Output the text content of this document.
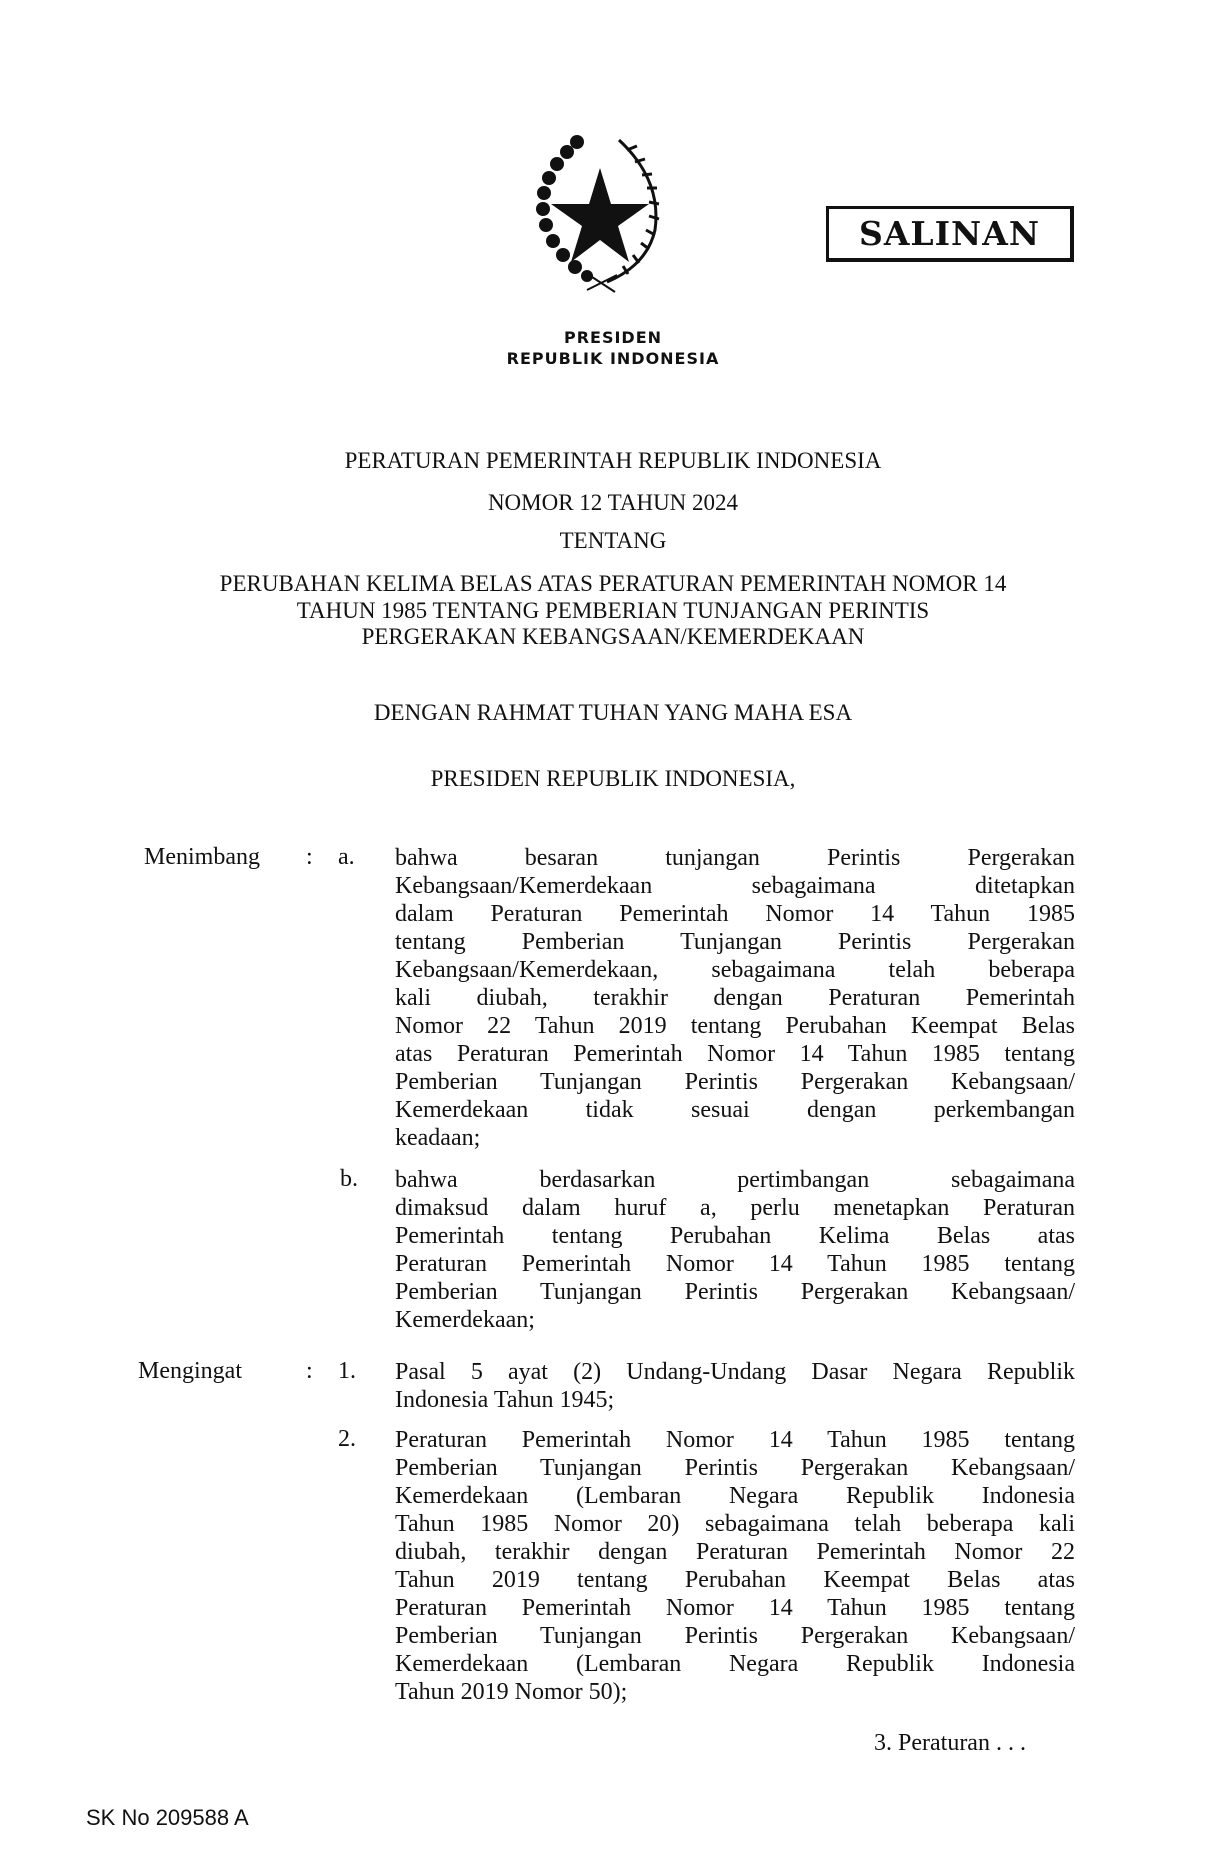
SALINAN
PRESIDEN
REPUBLIK INDONESIA
PERATURAN PEMERINTAH REPUBLIK INDONESIA
NOMOR 12 TAHUN 2024
TENTANG
PERUBAHAN KELIMA BELAS ATAS PERATURAN PEMERINTAH NOMOR 14
TAHUN 1985 TENTANG PEMBERIAN TUNJANGAN PERINTIS
PERGERAKAN KEBANGSAAN/KEMERDEKAAN
DENGAN RAHMAT TUHAN YANG MAHA ESA
PRESIDEN REPUBLIK INDONESIA,
Menimbang : a. bahwa besaran tunjangan Perintis Pergerakan
Kebangsaan/Kemerdekaan sebagaimana ditetapkan
dalam Peraturan Pemerintah Nomor 14 Tahun 1985
tentang Pemberian Tunjangan Perintis Pergerakan
Kebangsaan/Kemerdekaan, sebagaimana telah beberapa
kali diubah, terakhir dengan Peraturan Pemerintah
Nomor 22 Tahun 2019 tentang Perubahan Keempat Belas
atas Peraturan Pemerintah Nomor 14 Tahun 1985 tentang
Pemberian Tunjangan Perintis Pergerakan Kebangsaan/
Kemerdekaan tidak sesuai dengan perkembangan
keadaan;
b. bahwa berdasarkan pertimbangan sebagaimana
dimaksud dalam huruf a, perlu menetapkan Peraturan
Pemerintah tentang Perubahan Kelima Belas atas
Peraturan Pemerintah Nomor 14 Tahun 1985 tentang
Pemberian Tunjangan Perintis Pergerakan Kebangsaan/
Kemerdekaan;
Mengingat	: 1. Pasal 5 ayat (2) Undang-Undang Dasar Negara Republik
Indonesia Tahun 1945;
2. Peraturan Pemerintah Nomor 14 Tahun 1985 tentang
Pemberian Tunjangan Perintis Pergerakan Kebangsaan/
Kemerdekaan (Lembaran Negara Republik Indonesia
Tahun 1985 Nomor 20) sebagaimana telah beberapa kali
diubah, terakhir dengan Peraturan Pemerintah Nomor 22
Tahun 2019 tentang Perubahan Keempat Belas atas
Peraturan Pemerintah Nomor 14 Tahun 1985 tentang
Pemberian Tunjangan Perintis Pergerakan Kebangsaan/
Kemerdekaan (Lembaran Negara Republik Indonesia
Tahun 2019 Nomor 50);
3. Peraturan . . .
SK No 209588 A
